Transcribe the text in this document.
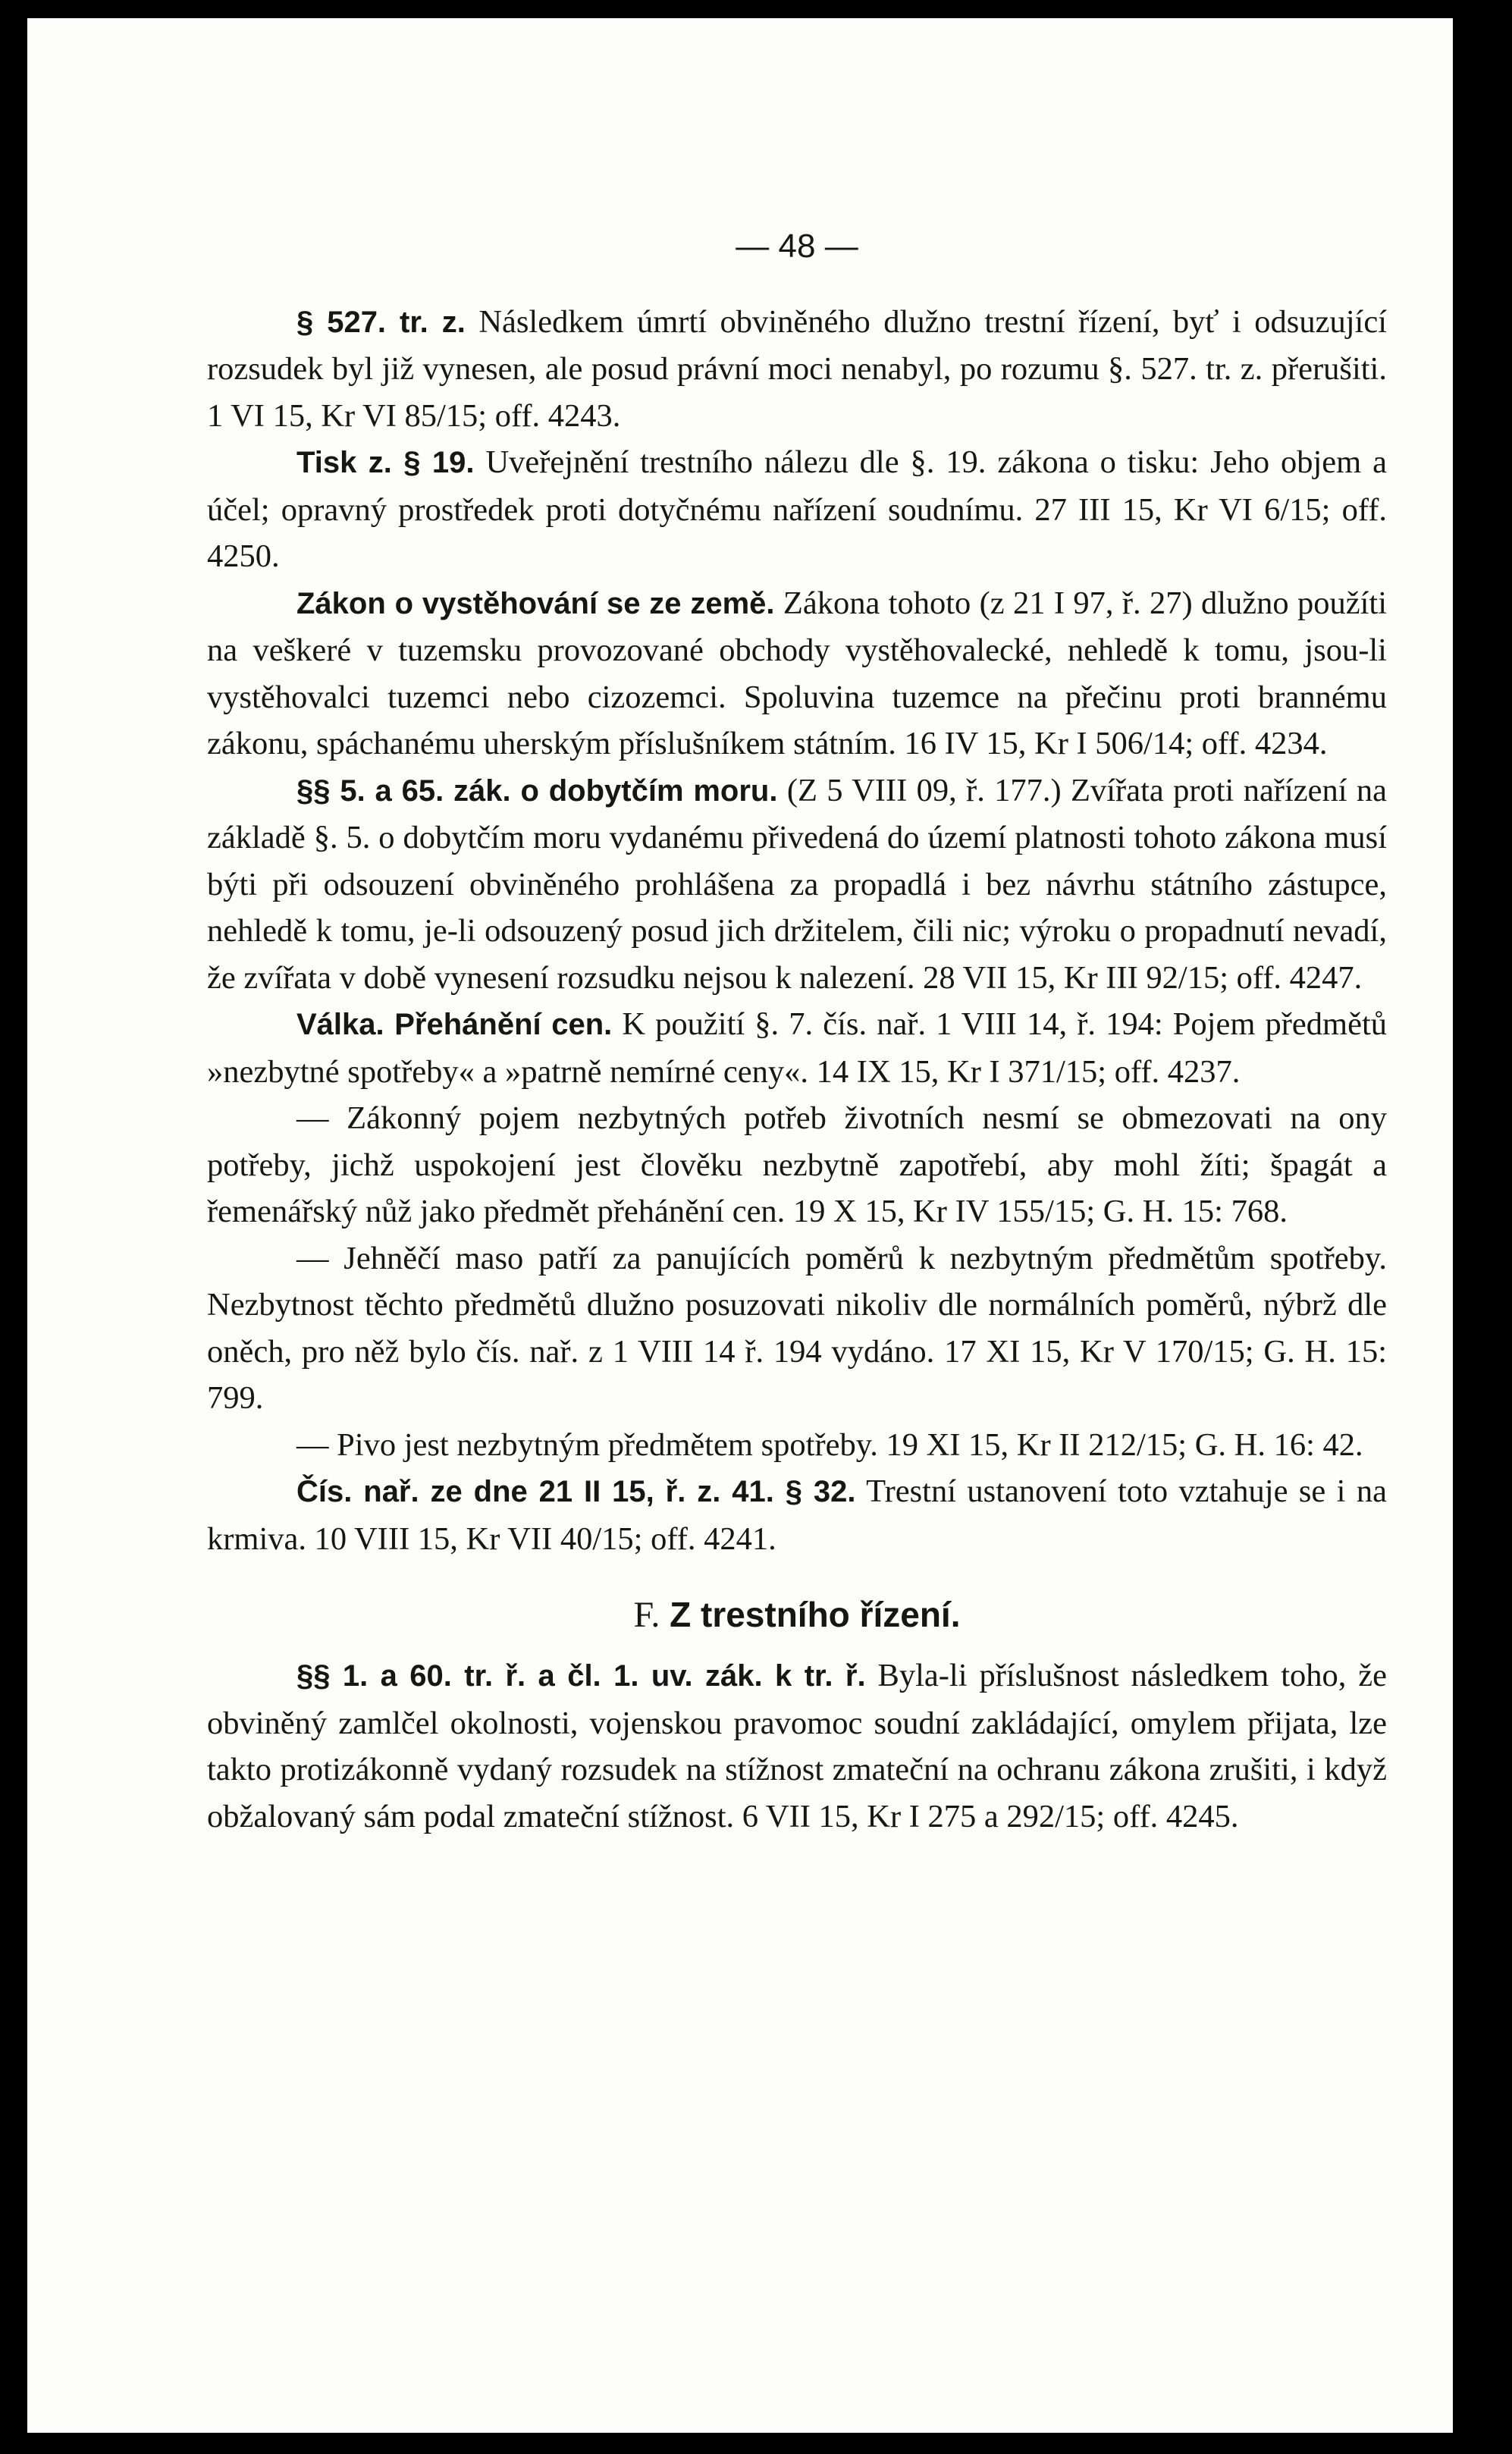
— 48 —

§ 527. tr. z. Následkem úmrtí obviněného dlužno trestní řízení, byť i odsuzující rozsudek byl již vynesen, ale posud právní moci nenabyl, po rozumu §. 527. tr. z. přerušiti. 1 VI 15, Kr VI 85/15; off. 4243.

Tisk z. § 19. Uveřejnění trestního nálezu dle §. 19. zákona o tisku: Jeho objem a účel; opravný prostředek proti dotyčnému nařízení soudnímu. 27 III 15, Kr VI 6/15; off. 4250.

Zákon o vystěhování se ze země. Zákona tohoto (z 21 I 97, ř. 27) dlužno použíti na veškeré v tuzemsku provozované obchody vystěhovalecké, nehledě k tomu, jsou-li vystěhovalci tuzemci nebo cizozemci. Spoluvina tuzemce na přečinu proti brannému zákonu, spáchanému uherským příslušníkem státním. 16 IV 15, Kr I 506/14; off. 4234.

§§ 5. a 65. zák. o dobytčím moru. (Z 5 VIII 09, ř. 177.) Zvířata proti nařízení na základě §. 5. o dobytčím moru vydanému přivedená do území platnosti tohoto zákona musí býti při odsouzení obviněného prohlášena za propadlá i bez návrhu státního zástupce, nehledě k tomu, je-li odsouzený posud jich držitelem, čili nic; výroku o propadnutí nevadí, že zvířata v době vynesení rozsudku nejsou k nalezení. 28 VII 15, Kr III 92/15; off. 4247.

Válka. Přehánění cen. K použití §. 7. čís. nař. 1 VIII 14, ř. 194: Pojem předmětů »nezbytné spotřeby« a »patrně nemírné ceny«. 14 IX 15, Kr I 371/15; off. 4237.

— Zákonný pojem nezbytných potřeb životních nesmí se obmezovati na ony potřeby, jichž uspokojení jest člověku nezbytně zapotřebí, aby mohl žíti; špagát a řemenářský nůž jako předmět přehánění cen. 19 X 15, Kr IV 155/15; G. H. 15: 768.

— Jehněčí maso patří za panujících poměrů k nezbytným předmětům spotřeby. Nezbytnost těchto předmětů dlužno posuzovati nikoliv dle normálních poměrů, nýbrž dle oněch, pro něž bylo čís. nař. z 1 VIII 14 ř. 194 vydáno. 17 XI 15, Kr V 170/15; G. H. 15: 799.

— Pivo jest nezbytným předmětem spotřeby. 19 XI 15, Kr II 212/15; G. H. 16: 42.

Čís. nař. ze dne 21 II 15, ř. z. 41. § 32. Trestní ustanovení toto vztahuje se i na krmiva. 10 VIII 15, Kr VII 40/15; off. 4241.

F. Z trestního řízení.

§§ 1. a 60. tr. ř. a čl. 1. uv. zák. k tr. ř. Byla-li příslušnost následkem toho, že obviněný zamlčel okolnosti, vojenskou pravomoc soudní zakládající, omylem přijata, lze takto protizákonně vydaný rozsudek na stížnost zmateční na ochranu zákona zrušiti, i když obžalovaný sám podal zmateční stížnost. 6 VII 15, Kr I 275 a 292/15; off. 4245.
